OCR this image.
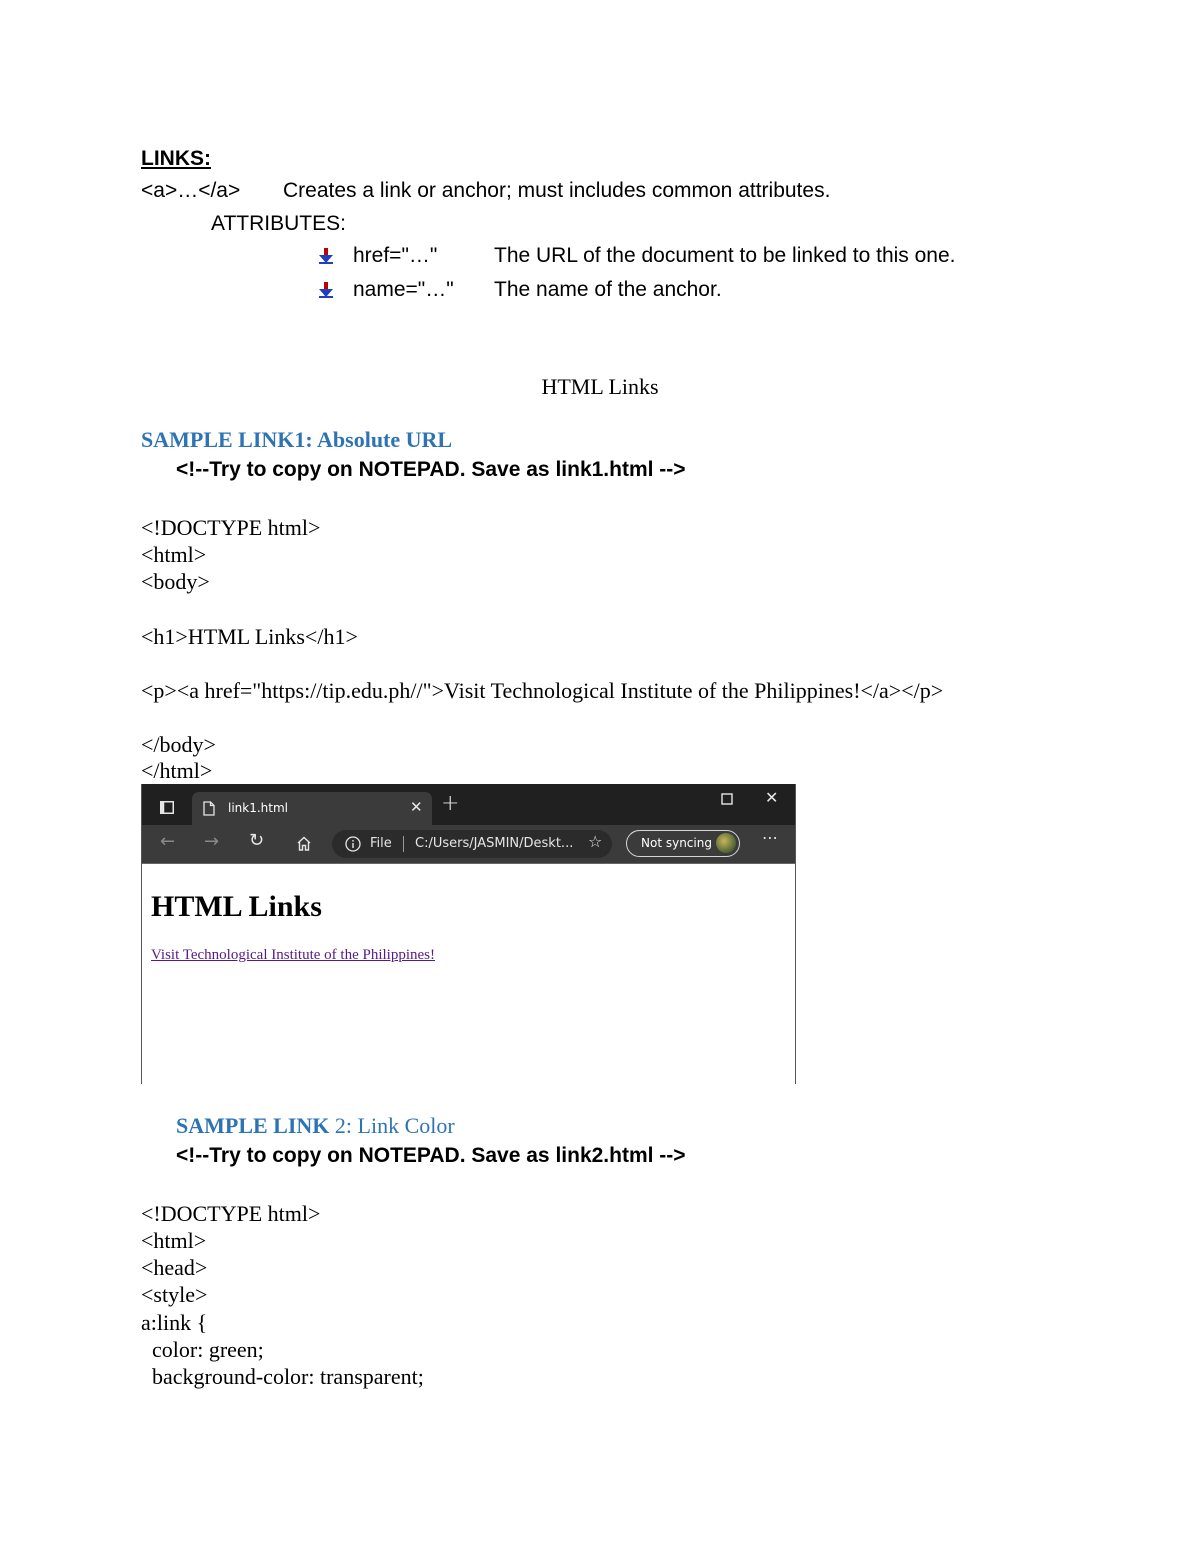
LINKS:
<a>…</a> Creates a link or anchor; must includes common attributes.
ATTRIBUTES:
href="…"	The URL of the document to be linked to this one.
name="…" The name of the anchor.
HTML Links
SAMPLE LINK1: Absolute URL
<!--Try to copy on NOTEPAD. Save as link1.html -->
<!DOCTYPE html>
<html>
<body>
<h1>HTML Links</h1>
<p><a href="https://tip.edu.ph//">Visit Technological Institute of the Philippines!</a></p>
</body>
</html>
link1.html	✕ +	✕
← → ↻	File C:/Users/JASMIN/Deskt... ☆	Not syncing	⋯
HTML Links
Visit Technological Institute of the Philippines!
SAMPLE LINK 2: Link Color
<!--Try to copy on NOTEPAD. Save as link2.html -->
<!DOCTYPE html>
<html>
<head>
<style>
a:link {
color: green;
background-color: transparent;
